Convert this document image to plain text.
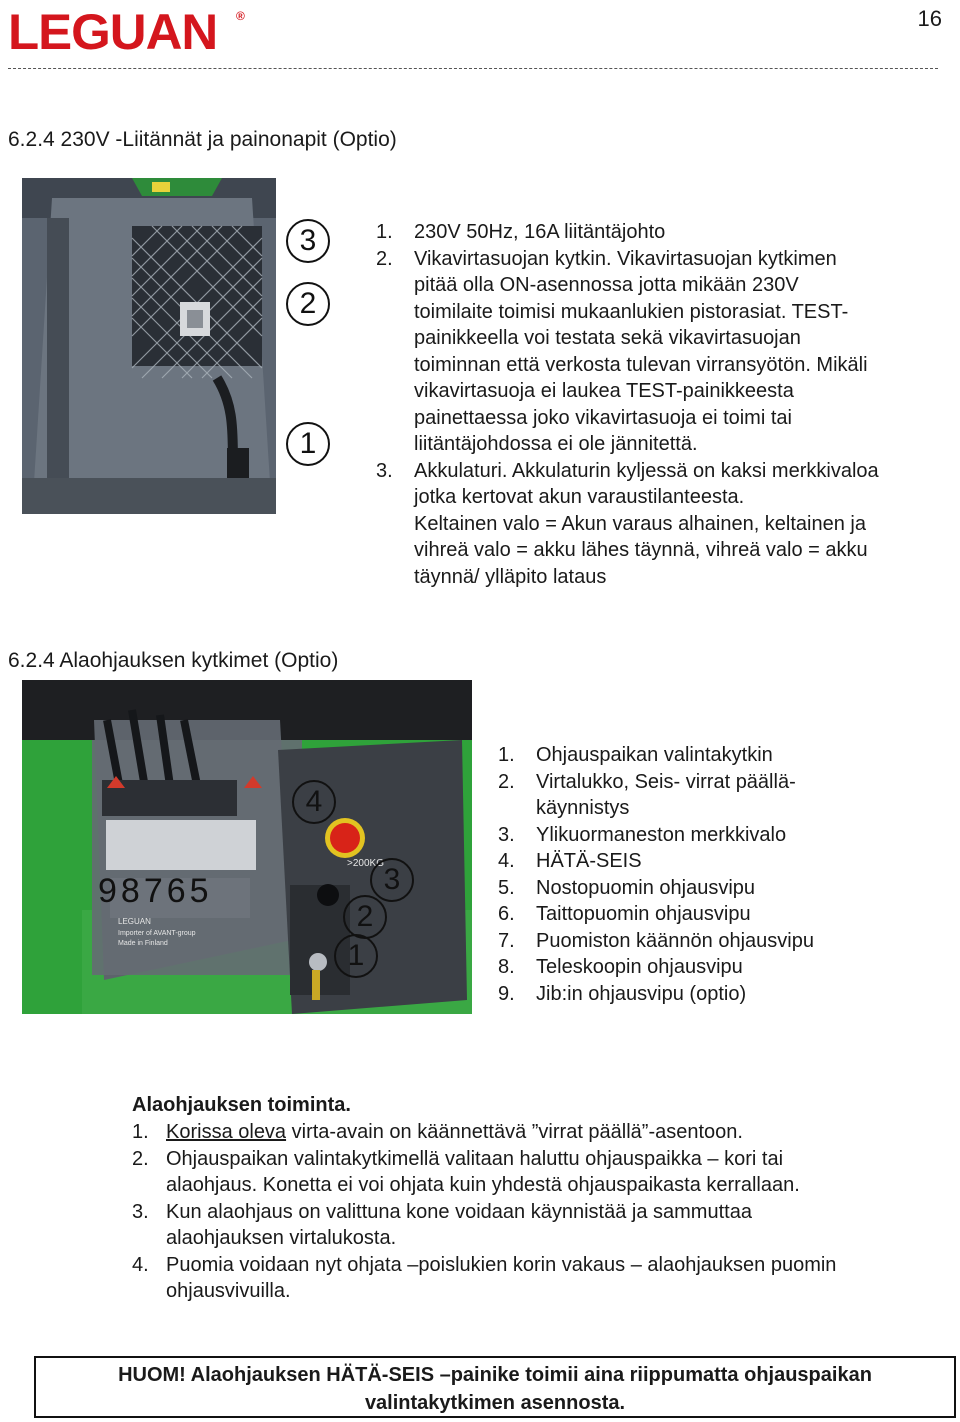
LEGUAN ®	16
6.2.4 230V -Liitännät ja painonapit (Optio)
3
2
1
1. 230V 50Hz, 16A liitäntäjohto
2. Vikavirtasuojan kytkin. Vikavirtasuojan kytkimen
pitää olla ON-asennossa jotta mikään 230V
toimilaite toimisi mukaanlukien pistorasiat. TEST-
painikkeella voi testata sekä vikavirtasuojan
toiminnan että verkosta tulevan virransyötön. Mikäli
vikavirtasuoja ei laukea TEST-painikkeesta
painettaessa joko vikavirtasuoja ei toimi tai
liitäntäjohdossa ei ole jännitettä.
3. Akkulaturi. Akkulaturin kyljessä on kaksi merkkivaloa
jotka kertovat akun varaustilanteesta.
Keltainen valo = Akun varaus alhainen, keltainen ja
vihreä valo = akku lähes täynnä, vihreä valo = akku
täynnä/ ylläpito lataus
6.2.4 Alaohjauksen kytkimet (Optio)
>200KG
LEGUAN
Importer of AVANT-group
Made in Finland
4
3
2
1
98765
1. Ohjauspaikan valintakytkin
2. Virtalukko, Seis- virrat päällä-
käynnistys
3. Ylikuormaneston merkkivalo
4. HÄTÄ-SEIS
5. Nostopuomin ohjausvipu
6. Taittopuomin ohjausvipu
7. Puomiston käännön ohjausvipu
8. Teleskoopin ohjausvipu
9. Jib:in ohjausvipu (optio)
Alaohjauksen toiminta.
1. Korissa oleva virta-avain on käännettävä ”virrat päällä”-asentoon.
2. Ohjauspaikan valintakytkimellä valitaan haluttu ohjauspaikka – kori tai
alaohjaus. Konetta ei voi ohjata kuin yhdestä ohjauspaikasta kerrallaan.
3. Kun alaohjaus on valittuna kone voidaan käynnistää ja sammuttaa
alaohjauksen virtalukosta.
4. Puomia voidaan nyt ohjata –poislukien korin vakaus – alaohjauksen puomin
ohjausvivuilla.
HUOM! Alaohjauksen HÄTÄ-SEIS –painike toimii aina riippumatta ohjauspaikan
valintakytkimen asennosta.
